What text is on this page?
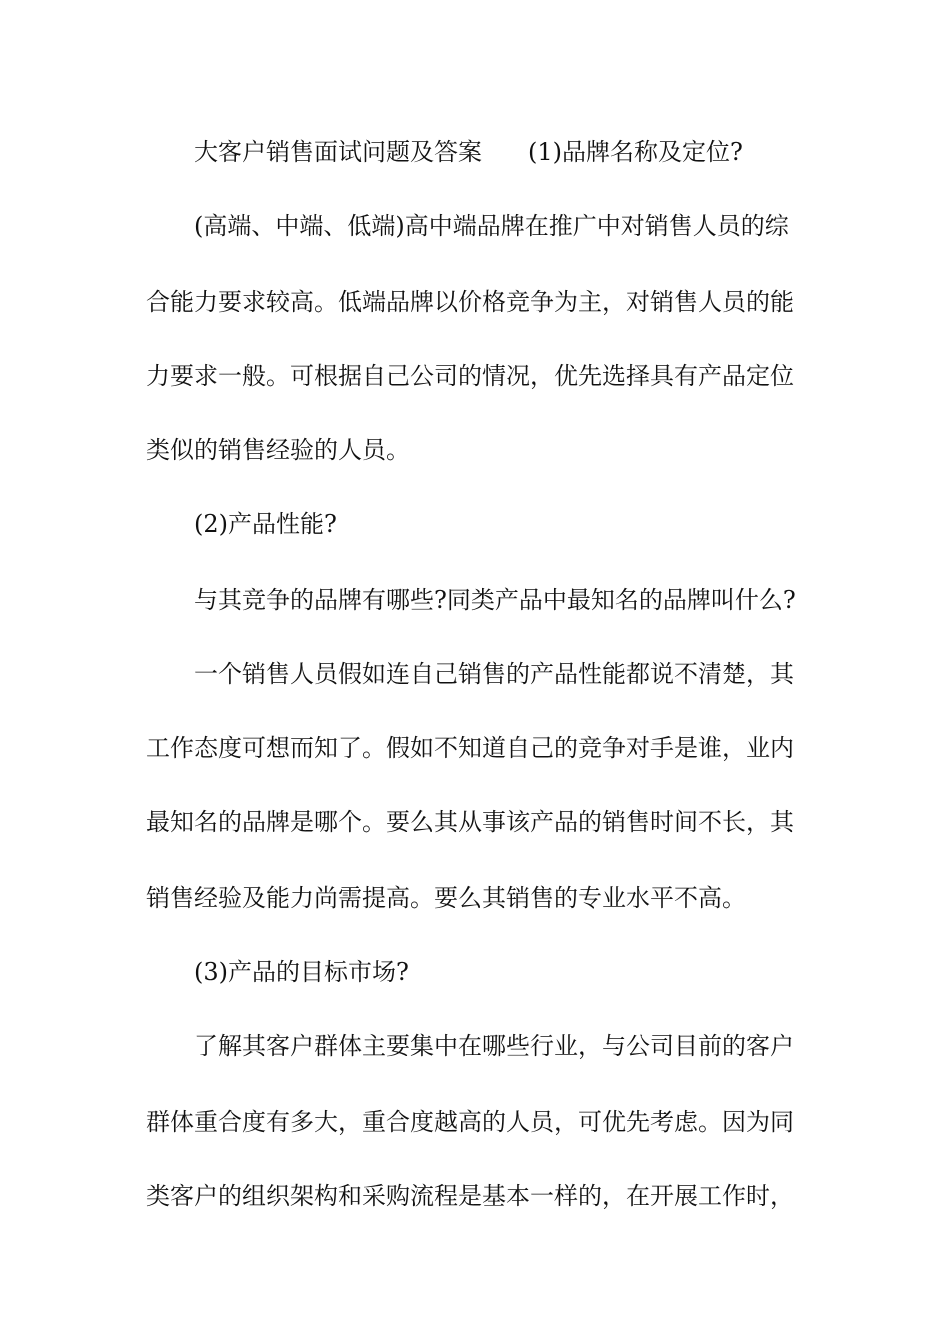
大客户销售面试问题及答案 (1)品牌名称及定位?
(高端、中端、低端)高中端品牌在推广中对销售人员的综
合能力要求较高。低端品牌以价格竞争为主，对销售人员的能
力要求一般。可根据自己公司的情况，优先选择具有产品定位
类似的销售经验的人员。
(2)产品性能?
与其竞争的品牌有哪些?同类产品中最知名的品牌叫什么?
一个销售人员假如连自己销售的产品性能都说不清楚，其
工作态度可想而知了。假如不知道自己的竞争对手是谁，业内
最知名的品牌是哪个。要么其从事该产品的销售时间不长，其
销售经验及能力尚需提高。要么其销售的专业水平不高。
(3)产品的目标市场?
了解其客户群体主要集中在哪些行业，与公司目前的客户
群体重合度有多大，重合度越高的人员，可优先考虑。因为同
类客户的组织架构和采购流程是基本一样的，在开展工作时，
